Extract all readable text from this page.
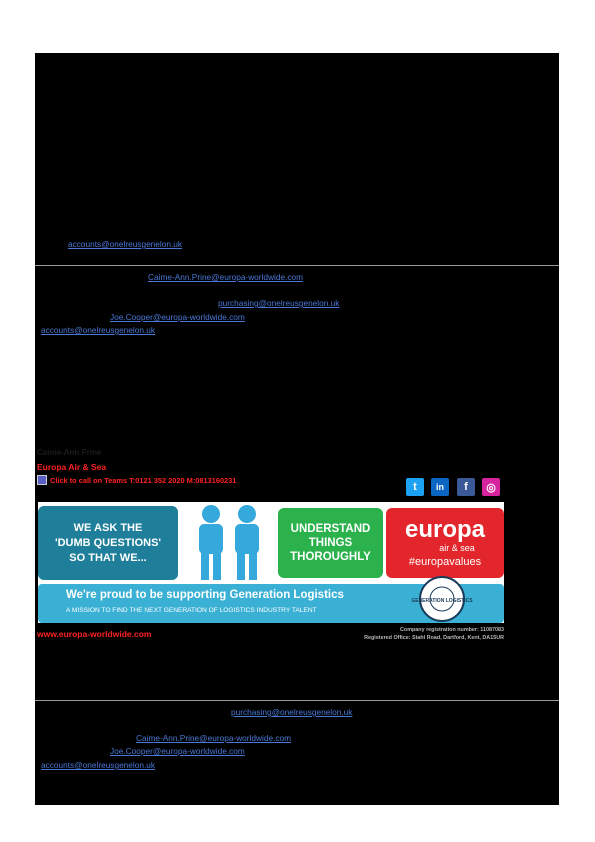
accounts@onelreusgenelon.uk
Caime-Ann.Prine@europa-worldwide.com
purchasing@onelreusgenelon.uk
Joe.Cooper@europa-worldwide.com
accounts@onelreusgenelon.uk
Caime-Ann Prine
Europa Air & Sea
Click to call on Teams T:0121 352 2020 M:0813160231
t in f ◎
WE ASK THE
'DUMB QUESTIONS'
SO THAT WE...
UNDERSTAND
THINGS
THOROUGHLY
europa
air & sea
#europavalues
We're proud to be supporting Generation Logistics
A MISSION TO FIND THE NEXT GENERATION OF LOGISTICS INDUSTRY TALENT
GENERATION LOGISTICS
www.europa-worldwide.com	Company registration number: 11087083
Registered Office: Stahl Road, Dartford, Kent, DA15UR
purchasing@onelreusgenelon.uk
Caime-Ann.Prine@europa-worldwide.com
Joe.Cooper@europa-worldwide.com
accounts@onelreusgenelon.uk
